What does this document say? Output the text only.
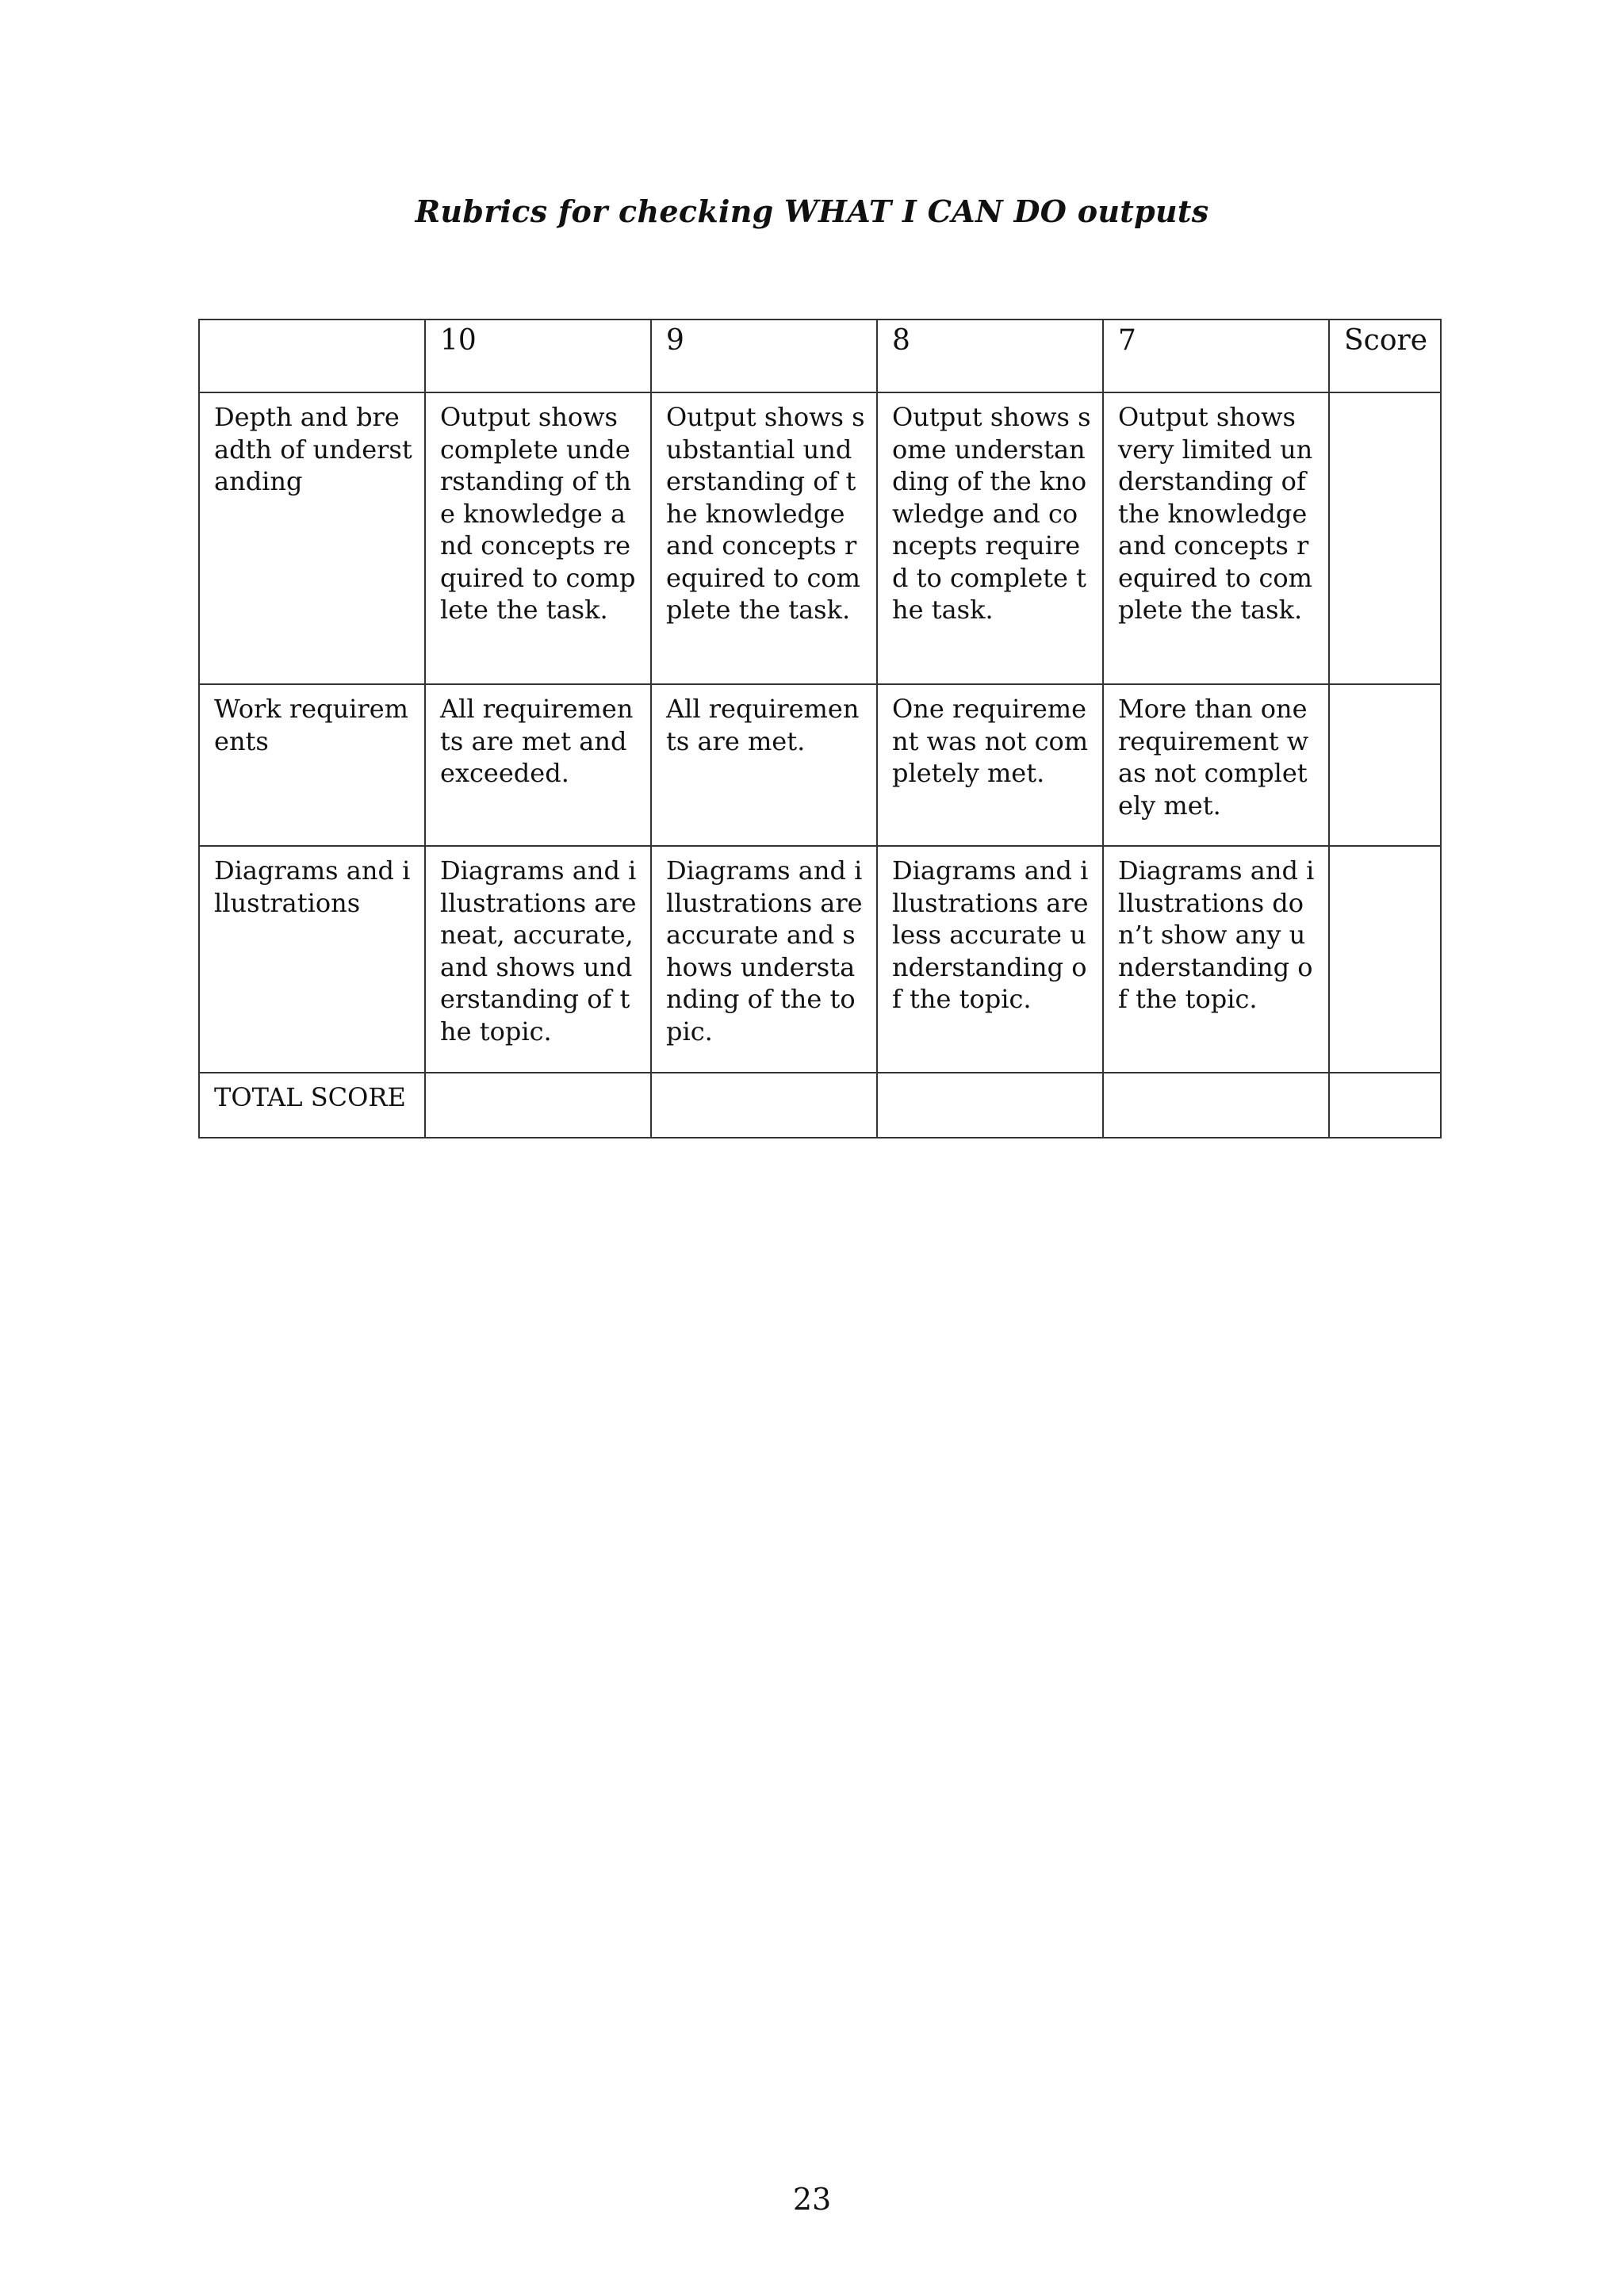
Rubrics for checking WHAT I CAN DO outputs
	10	9	8	7	Score
Depth and breadth of understanding	Output shows complete understanding of the knowledge and concepts required to complete the task.	Output shows substantial understanding of the knowledge and concepts required to complete the task.	Output shows some understanding of the knowledge and concepts required to complete the task.	Output shows very limited understanding of the knowledge and concepts required to complete the task.	
Work requirements	All requirements are met and exceeded.	All requirements are met.	One requirement was not completely met.	More than one requirement was not completely met.	
Diagrams and illustrations	Diagrams and illustrations are neat, accurate, and shows understanding of the topic.	Diagrams and illustrations are accurate and shows understanding of the topic.	Diagrams and illustrations are less accurate understanding of the topic.	Diagrams and illustrations don’t show any understanding of the topic.	
TOTAL SCORE					
23
